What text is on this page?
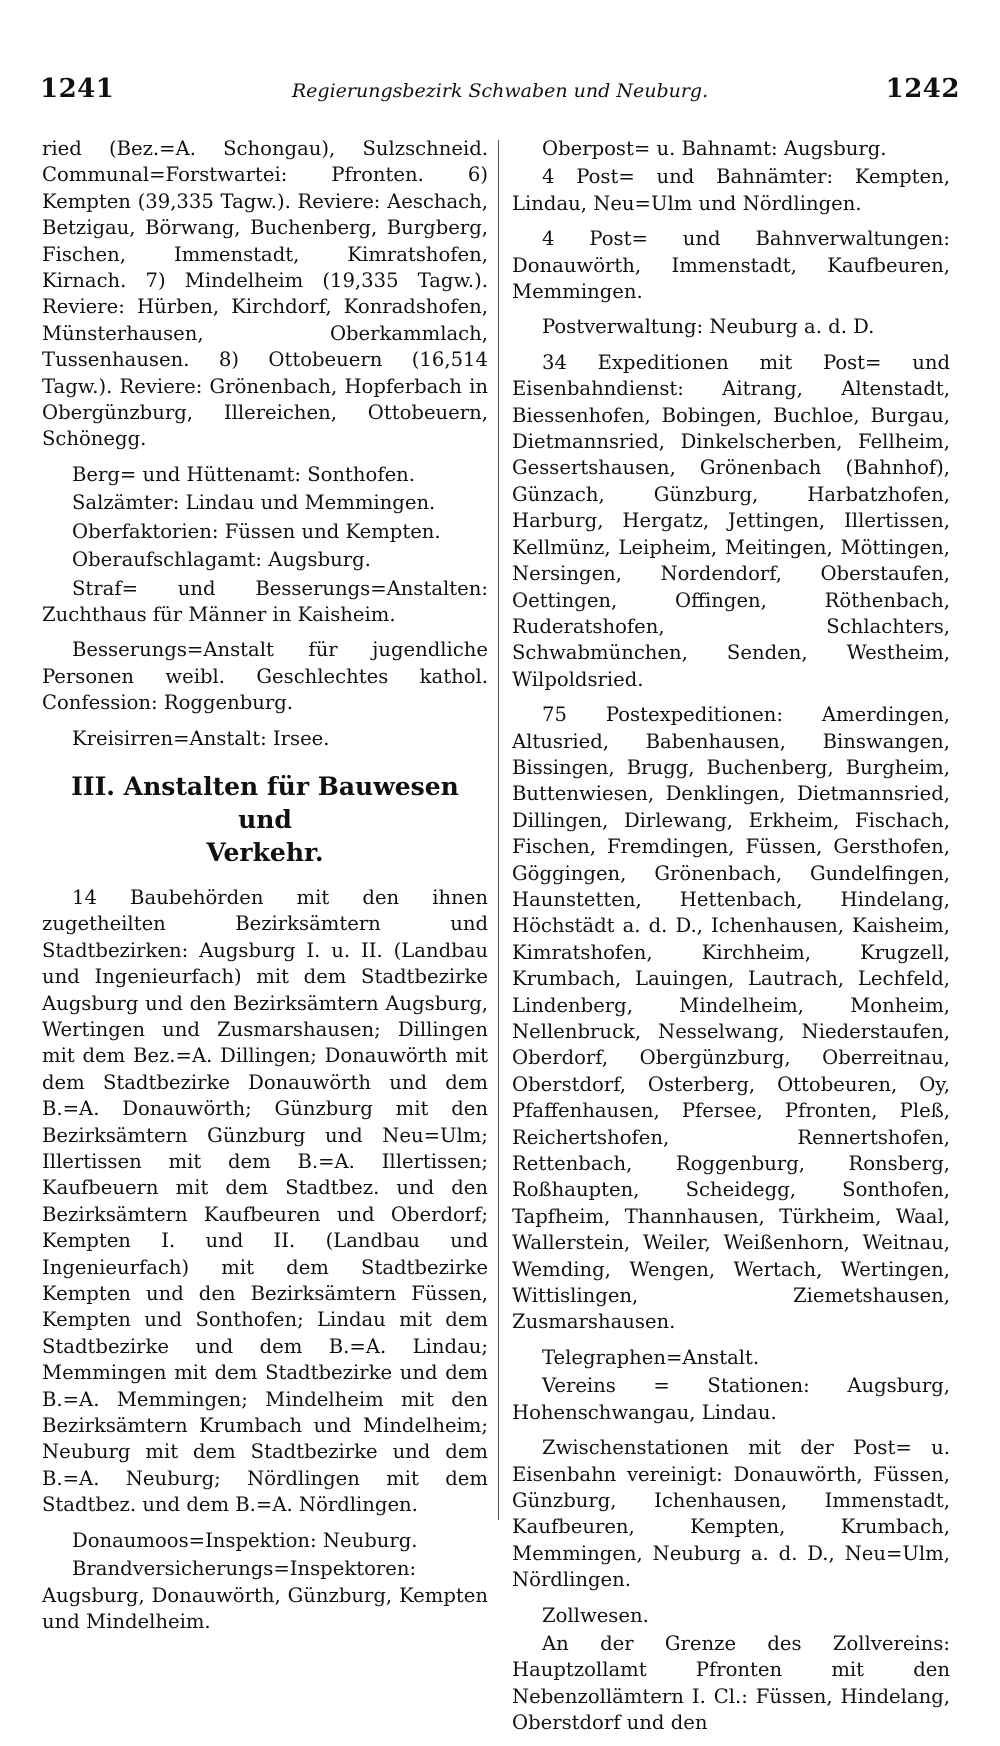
1241	Regierungsbezirk Schwaben und Neuburg.	1242

ried (Bez.=A. Schongau), Sulzschneid. Communal=Forstwartei: Pfronten. 6) Kempten (39,335 Tagw.). Reviere: Aeschach, Betzigau, Börwang, Buchenberg, Burgberg, Fischen, Immenstadt, Kimratshofen, Kirnach. 7) Mindelheim (19,335 Tagw.). Reviere: Hürben, Kirchdorf, Konradshofen, Münsterhausen, Oberkammlach, Tussenhausen. 8) Ottobeuern (16,514 Tagw.). Reviere: Grönenbach, Hopferbach in Obergünzburg, Illereichen, Ottobeuern, Schönegg.

Berg= und Hüttenamt: Sonthofen.

Salzämter: Lindau und Memmingen.

Oberfaktorien: Füssen und Kempten.

Oberaufschlagamt: Augsburg.

Straf= und Besserungs=Anstalten: Zuchthaus für Männer in Kaisheim.

Besserungs=Anstalt für jugendliche Personen weibl. Geschlechtes kathol. Confession: Roggenburg.

Kreisirren=Anstalt: Irsee.

III. Anstalten für Bauwesen und
Verkehr.

14 Baubehörden mit den ihnen zugetheilten Bezirksämtern und Stadtbezirken: Augsburg I. u. II. (Landbau und Ingenieurfach) mit dem Stadtbezirke Augsburg und den Bezirksämtern Augsburg, Wertingen und Zusmarshausen; Dillingen mit dem Bez.=A. Dillingen; Donauwörth mit dem Stadtbezirke Donauwörth und dem B.=A. Donauwörth; Günzburg mit den Bezirksämtern Günzburg und Neu=Ulm; Illertissen mit dem B.=A. Illertissen; Kaufbeuern mit dem Stadtbez. und den Bezirksämtern Kaufbeuren und Oberdorf; Kempten I. und II. (Landbau und Ingenieurfach) mit dem Stadtbezirke Kempten und den Bezirksämtern Füssen, Kempten und Sonthofen; Lindau mit dem Stadtbezirke und dem B.=A. Lindau; Memmingen mit dem Stadtbezirke und dem B.=A. Memmingen; Mindelheim mit den Bezirksämtern Krumbach und Mindelheim; Neuburg mit dem Stadtbezirke und dem B.=A. Neuburg; Nördlingen mit dem Stadtbez. und dem B.=A. Nördlingen.

Donaumoos=Inspektion: Neuburg.

Brandversicherungs=Inspektoren: Augsburg, Donauwörth, Günzburg, Kempten und Mindelheim.

Oberpost= u. Bahnamt: Augsburg.

4 Post= und Bahnämter: Kempten, Lindau, Neu=Ulm und Nördlingen.

4 Post= und Bahnverwaltungen: Donauwörth, Immenstadt, Kaufbeuren, Memmingen.

Postverwaltung: Neuburg a. d. D.

34 Expeditionen mit Post= und Eisenbahndienst: Aitrang, Altenstadt, Biessenhofen, Bobingen, Buchloe, Burgau, Dietmannsried, Dinkelscherben, Fellheim, Gessertshausen, Grönenbach (Bahnhof), Günzach, Günzburg, Harbatzhofen, Harburg, Hergatz, Jettingen, Illertissen, Kellmünz, Leipheim, Meitingen, Möttingen, Nersingen, Nordendorf, Oberstaufen, Oettingen, Offingen, Röthenbach, Ruderatshofen, Schlachters, Schwabmünchen, Senden, Westheim, Wilpoldsried.

75 Postexpeditionen: Amerdingen, Altusried, Babenhausen, Binswangen, Bissingen, Brugg, Buchenberg, Burgheim, Buttenwiesen, Denklingen, Dietmannsried, Dillingen, Dirlewang, Erkheim, Fischach, Fischen, Fremdingen, Füssen, Gersthofen, Göggingen, Grönenbach, Gundelfingen, Haunstetten, Hettenbach, Hindelang, Höchstädt a. d. D., Ichenhausen, Kaisheim, Kimratshofen, Kirchheim, Krugzell, Krumbach, Lauingen, Lautrach, Lechfeld, Lindenberg, Mindelheim, Monheim, Nellenbruck, Nesselwang, Niederstaufen, Oberdorf, Obergünzburg, Oberreitnau, Oberstdorf, Osterberg, Ottobeuren, Oy, Pfaffenhausen, Pfersee, Pfronten, Pleß, Reichertshofen, Rennertshofen, Rettenbach, Roggenburg, Ronsberg, Roßhaupten, Scheidegg, Sonthofen, Tapfheim, Thannhausen, Türkheim, Waal, Wallerstein, Weiler, Weißenhorn, Weitnau, Wemding, Wengen, Wertach, Wertingen, Wittislingen, Ziemetshausen, Zusmarshausen.

Telegraphen=Anstalt.

Vereins = Stationen: Augsburg, Hohenschwangau, Lindau.

Zwischenstationen mit der Post= u. Eisenbahn vereinigt: Donauwörth, Füssen, Günzburg, Ichenhausen, Immenstadt, Kaufbeuren, Kempten, Krumbach, Memmingen, Neuburg a. d. D., Neu=Ulm, Nördlingen.

Zollwesen.

An der Grenze des Zollvereins: Hauptzollamt Pfronten mit den Nebenzollämtern I. Cl.: Füssen, Hindelang, Oberstdorf und den
